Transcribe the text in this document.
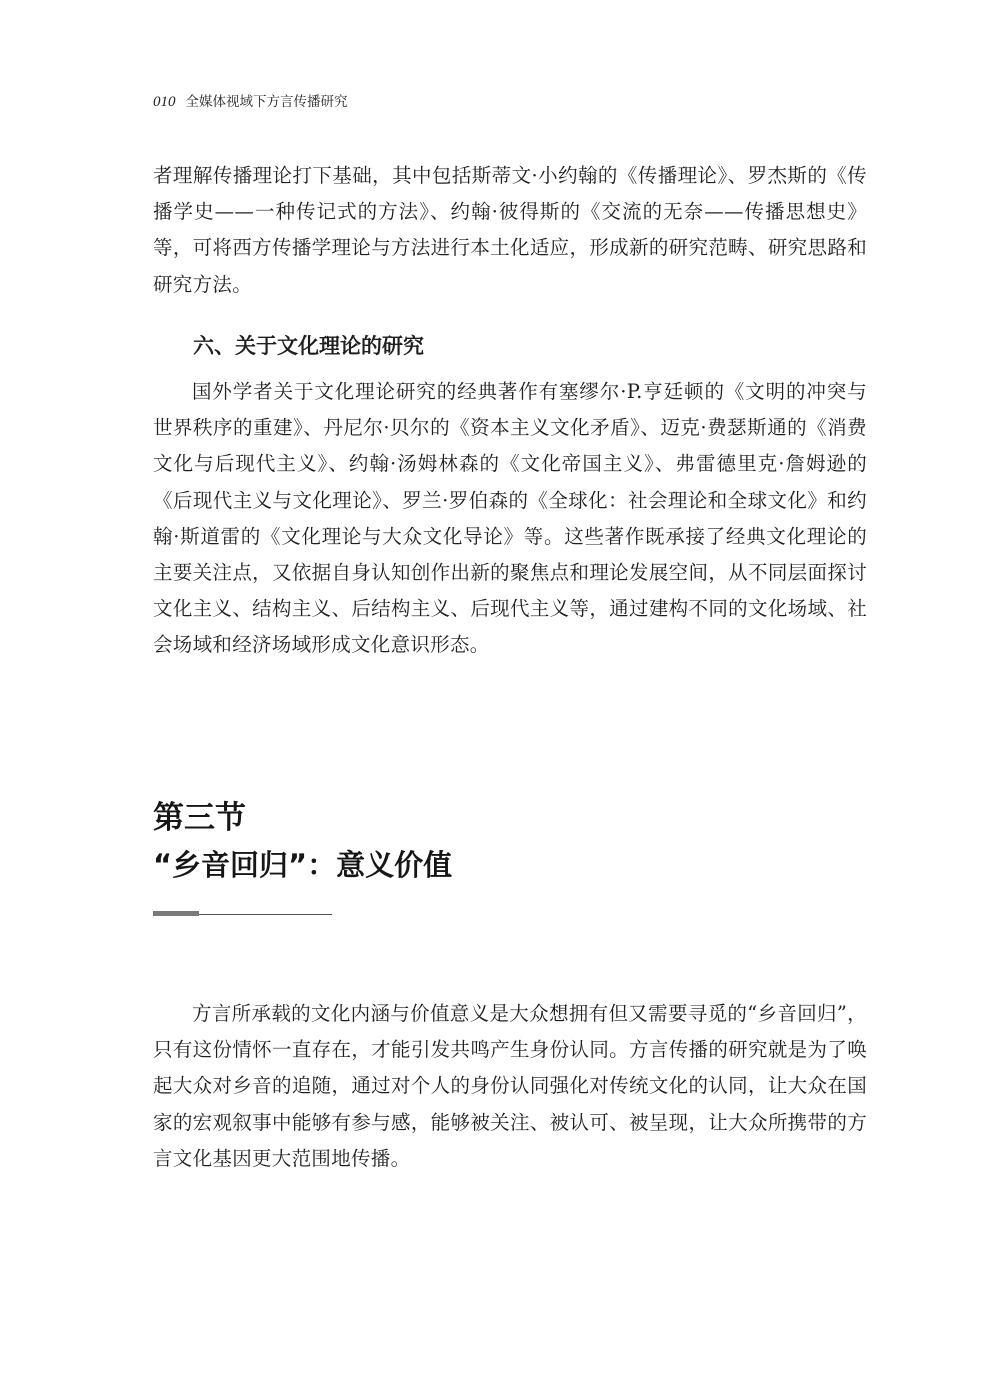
010 全媒体视域下方言传播研究

者理解传播理论打下基础，其中包括斯蒂文·小约翰的《传播理论》、罗杰斯的《传播学史——一种传记式的方法》、约翰·彼得斯的《交流的无奈——传播思想史》等，可将西方传播学理论与方法进行本土化适应，形成新的研究范畴、研究思路和研究方法。

六、关于文化理论的研究

国外学者关于文化理论研究的经典著作有塞缪尔·P.亨廷顿的《文明的冲突与世界秩序的重建》、丹尼尔·贝尔的《资本主义文化矛盾》、迈克·费瑟斯通的《消费文化与后现代主义》、约翰·汤姆林森的《文化帝国主义》、弗雷德里克·詹姆逊的《后现代主义与文化理论》、罗兰·罗伯森的《全球化：社会理论和全球文化》和约翰·斯道雷的《文化理论与大众文化导论》等。这些著作既承接了经典文化理论的主要关注点，又依据自身认知创作出新的聚焦点和理论发展空间，从不同层面探讨文化主义、结构主义、后结构主义、后现代主义等，通过建构不同的文化场域、社会场域和经济场域形成文化意识形态。

第三节
“乡音回归”：意义价值

方言所承载的文化内涵与价值意义是大众想拥有但又需要寻觅的“乡音回归”，只有这份情怀一直存在，才能引发共鸣产生身份认同。方言传播的研究就是为了唤起大众对乡音的追随，通过对个人的身份认同强化对传统文化的认同，让大众在国家的宏观叙事中能够有参与感，能够被关注、被认可、被呈现，让大众所携带的方言文化基因更大范围地传播。
